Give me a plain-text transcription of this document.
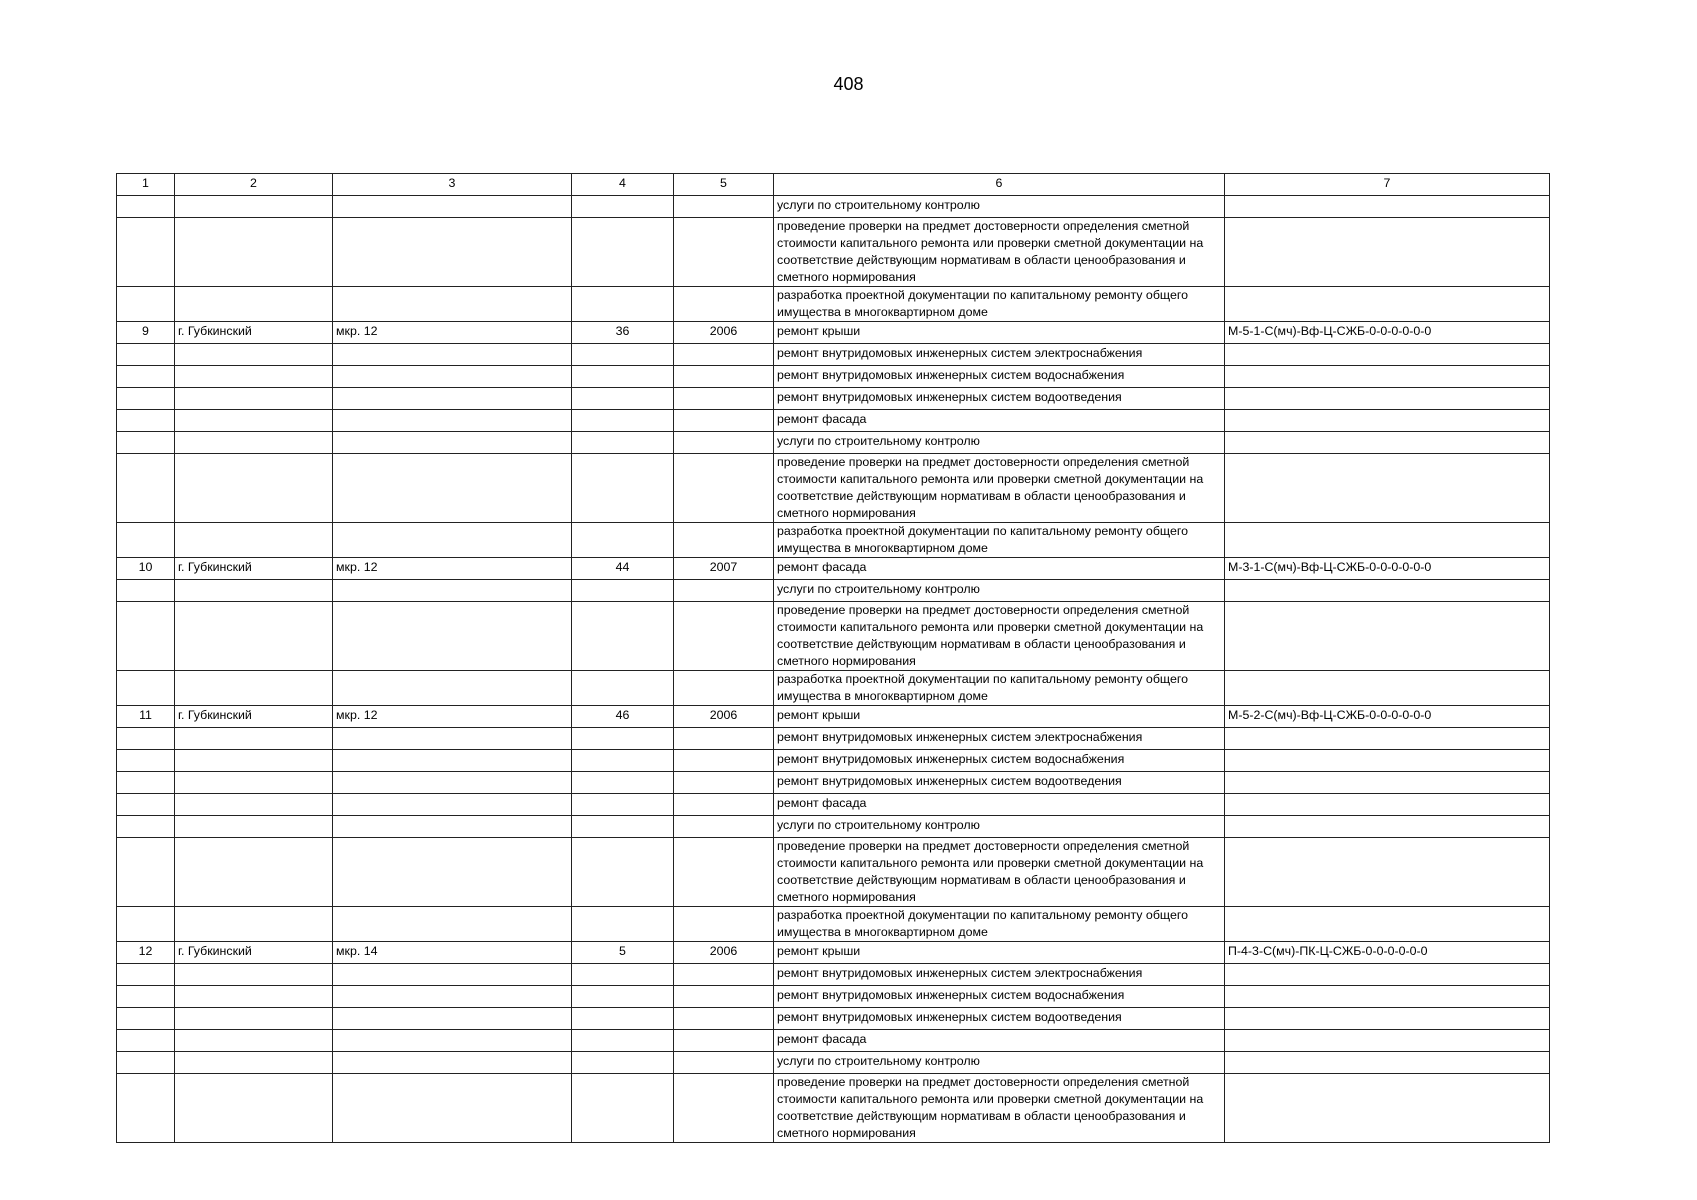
408
1	2	3	4	5	6	7
					услуги по строительному контролю	
					проведение проверки на предмет достоверности определения сметной стоимости капитального ремонта или проверки сметной документации на соответствие действующим нормативам в области ценообразования и сметного нормирования	
					разработка проектной документации по капитальному ремонту общего имущества в многоквартирном доме	
9	г. Губкинский	мкр. 12	36	2006	ремонт крыши	М-5-1-С(мч)-Вф-Ц-СЖБ-0-0-0-0-0-0
					ремонт внутридомовых инженерных систем электроснабжения	
					ремонт внутридомовых инженерных систем водоснабжения	
					ремонт внутридомовых инженерных систем водоотведения	
					ремонт фасада	
					услуги по строительному контролю	
					проведение проверки на предмет достоверности определения сметной стоимости капитального ремонта или проверки сметной документации на соответствие действующим нормативам в области ценообразования и сметного нормирования	
					разработка проектной документации по капитальному ремонту общего имущества в многоквартирном доме	
10	г. Губкинский	мкр. 12	44	2007	ремонт фасада	М-3-1-С(мч)-Вф-Ц-СЖБ-0-0-0-0-0-0
					услуги по строительному контролю	
					проведение проверки на предмет достоверности определения сметной стоимости капитального ремонта или проверки сметной документации на соответствие действующим нормативам в области ценообразования и сметного нормирования	
					разработка проектной документации по капитальному ремонту общего имущества в многоквартирном доме	
11	г. Губкинский	мкр. 12	46	2006	ремонт крыши	М-5-2-С(мч)-Вф-Ц-СЖБ-0-0-0-0-0-0
					ремонт внутридомовых инженерных систем электроснабжения	
					ремонт внутридомовых инженерных систем водоснабжения	
					ремонт внутридомовых инженерных систем водоотведения	
					ремонт фасада	
					услуги по строительному контролю	
					проведение проверки на предмет достоверности определения сметной стоимости капитального ремонта или проверки сметной документации на соответствие действующим нормативам в области ценообразования и сметного нормирования	
					разработка проектной документации по капитальному ремонту общего имущества в многоквартирном доме	
12	г. Губкинский	мкр. 14	5	2006	ремонт крыши	П-4-3-С(мч)-ПК-Ц-СЖБ-0-0-0-0-0-0
					ремонт внутридомовых инженерных систем электроснабжения	
					ремонт внутридомовых инженерных систем водоснабжения	
					ремонт внутридомовых инженерных систем водоотведения	
					ремонт фасада	
					услуги по строительному контролю	
					проведение проверки на предмет достоверности определения сметной стоимости капитального ремонта или проверки сметной документации на соответствие действующим нормативам в области ценообразования и сметного нормирования	
